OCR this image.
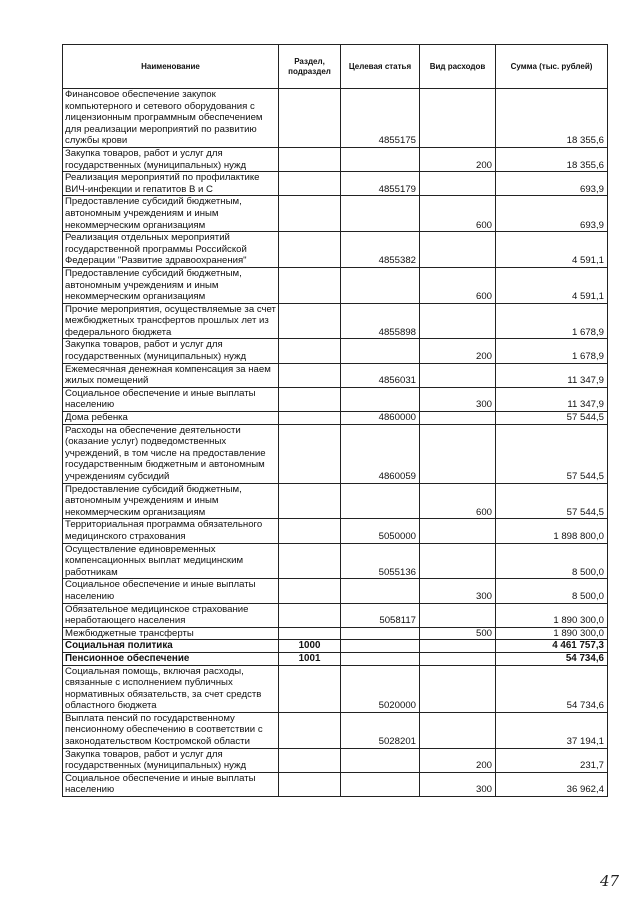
Наименование	Раздел, подраздел	Целевая статья	Вид расходов	Сумма (тыс. рублей)
Финансовое обеспечение закупок компьютерного и сетевого оборудования с лицензионным программным обеспечением для реализации мероприятий по развитию службы крови		4855175		18 355,6
Закупка товаров, работ и услуг для государственных (муниципальных) нужд			200	18 355,6
Реализация мероприятий по профилактике ВИЧ-инфекции и гепатитов В и С		4855179		693,9
Предоставление субсидий бюджетным, автономным учреждениям и иным некоммерческим организациям			600	693,9
Реализация отдельных мероприятий государственной программы Российской Федерации "Развитие здравоохранения"		4855382		4 591,1
Предоставление субсидий бюджетным, автономным учреждениям и иным некоммерческим организациям			600	4 591,1
Прочие мероприятия, осуществляемые за счет межбюджетных трансфертов прошлых лет из федерального бюджета		4855898		1 678,9
Закупка товаров, работ и услуг для государственных (муниципальных) нужд			200	1 678,9
Ежемесячная денежная компенсация за наем жилых помещений		4856031		11 347,9
Социальное обеспечение и иные выплаты населению			300	11 347,9
Дома ребенка		4860000		57 544,5
Расходы на обеспечение деятельности (оказание услуг) подведомственных учреждений, в том числе на предоставление государственным бюджетным и автономным учреждениям субсидий		4860059		57 544,5
Предоставление субсидий бюджетным, автономным учреждениям и иным некоммерческим организациям			600	57 544,5
Территориальная программа обязательного медицинского страхования		5050000		1 898 800,0
Осуществление единовременных компенсационных выплат медицинским работникам		5055136		8 500,0
Социальное обеспечение и иные выплаты населению			300	8 500,0
Обязательное медицинское страхование неработающего населения		5058117		1 890 300,0
Межбюджетные трансферты			500	1 890 300,0
Социальная политика	1000			4 461 757,3
Пенсионное обеспечение	1001			54 734,6
Социальная помощь, включая расходы, связанные с исполнением публичных нормативных обязательств, за счет средств областного бюджета		5020000		54 734,6
Выплата пенсий по государственному пенсионному обеспечению в соответствии с законодательством Костромской области		5028201		37 194,1
Закупка товаров, работ и услуг для государственных (муниципальных) нужд			200	231,7
Социальное обеспечение и иные выплаты населению			300	36 962,4
47
